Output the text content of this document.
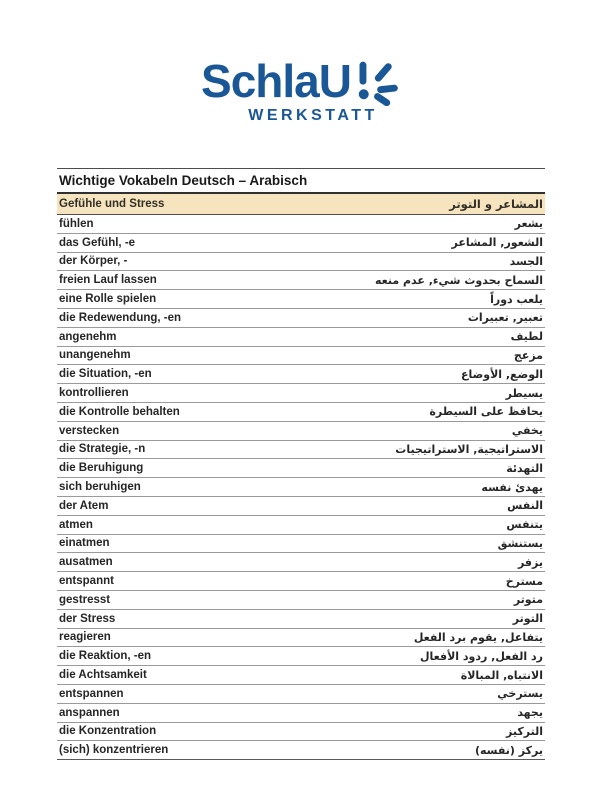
SchlaU
WERKSTATT
Wichtige Vokabeln Deutsch – Arabisch
Gefühle und Stress	المشاعر و التوتر
fühlen	يشعر
das Gefühl, -e	الشعور, المشاعر
der Körper, -	الجسد
freien Lauf lassen	السماح بحدوث شيء, عدم منعه
eine Rolle spielen	يلعب دوراً
die Redewendung, -en	تعبير, تعبيرات
angenehm	لطيف
unangenehm	مزعج
die Situation, -en	الوضع, الأوضاع
kontrollieren	يسيطر
die Kontrolle behalten	يحافظ على السيطرة
verstecken	يخفي
die Strategie, -n	الاستراتيجية, الاستراتيجيات
die Beruhigung	التهدئة
sich beruhigen	يهدئ نفسه
der Atem	النفس
atmen	يتنفس
einatmen	يستنشق
ausatmen	يزفر
entspannt	مسترخ
gestresst	متوتر
der Stress	التوتر
reagieren	يتفاعل, يقوم برد الفعل
die Reaktion, -en	رد الفعل, ردود الأفعال
die Achtsamkeit	الانتباه, المبالاة
entspannen	يسترخي
anspannen	يجهد
die Konzentration	التركيز
(sich) konzentrieren	يركز (نفسه)
